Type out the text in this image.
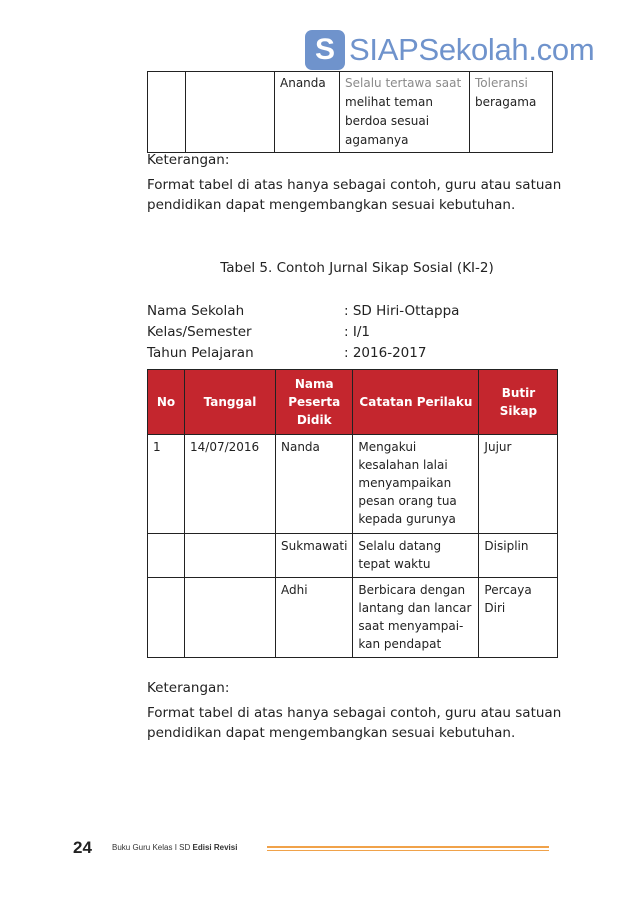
S SIAPSekolah.com
		Ananda	Selalu tertawa saat
melihat teman
berdoa sesuai
agamanya	Toleransi
beragama
Keterangan:
Format tabel di atas hanya sebagai contoh, guru atau satuan pendidikan dapat mengembangkan sesuai kebutuhan.
Tabel 5. Contoh Jurnal Sikap Sosial (KI-2)
Nama Sekolah	: SD Hiri-Ottappa
Kelas/Semester	: I/1
Tahun Pelajaran	: 2016-2017
No	Tanggal	Nama Peserta Didik	Catatan Perilaku	Butir Sikap
1	14/07/2016	Nanda	Mengakui kesalahan lalai menyampaikan pesan orang tua kepada gurunya	Jujur
		Sukmawati	Selalu datang tepat waktu	Disiplin
		Adhi	Berbicara dengan lantang dan lancar saat menyampai-kan pendapat	Percaya Diri
Keterangan:
Format tabel di atas hanya sebagai contoh, guru atau satuan pendidikan dapat mengembangkan sesuai kebutuhan.
24	Buku Guru Kelas I SD Edisi Revisi
